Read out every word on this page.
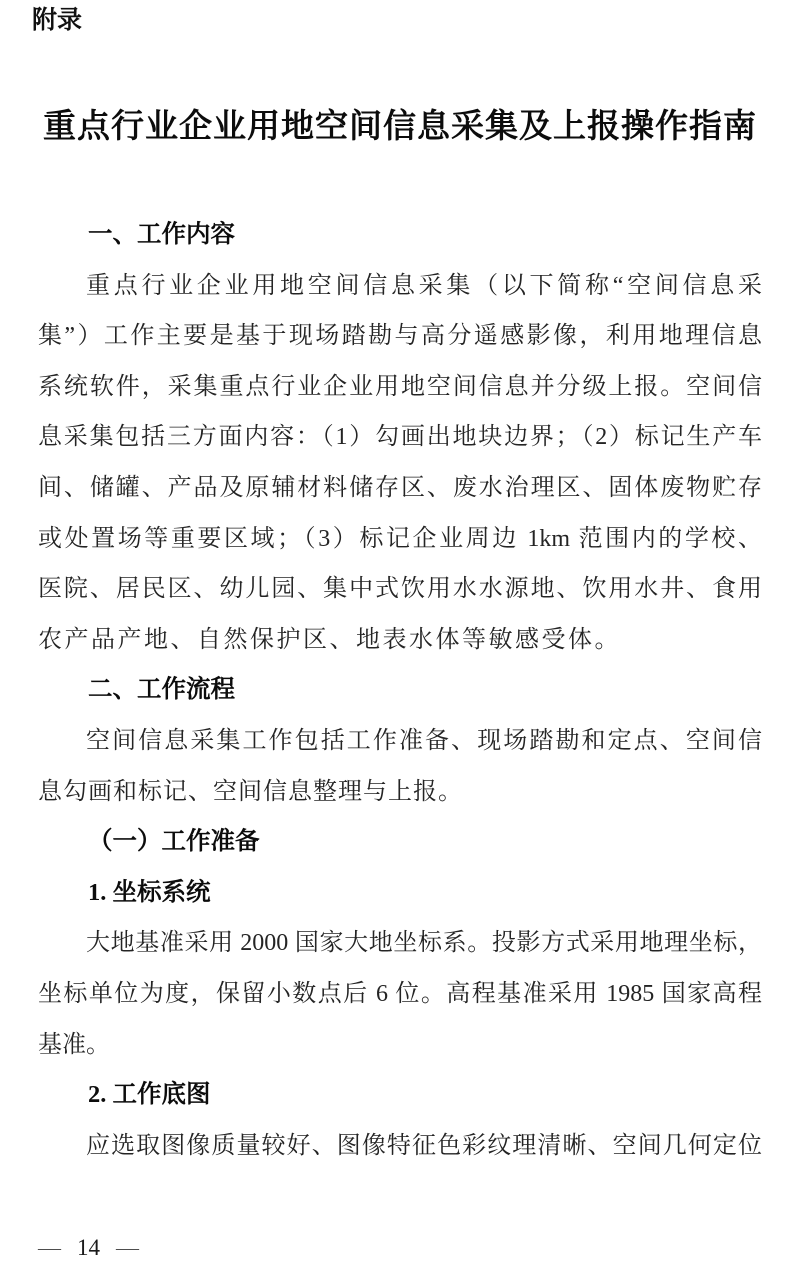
附录
重点行业企业用地空间信息采集及上报操作指南
一、工作内容
重点行业企业用地空间信息采集（以下简称“空间信息采
集”）工作主要是基于现场踏勘与高分遥感影像，利用地理信息
系统软件，采集重点行业企业用地空间信息并分级上报。空间信
息采集包括三方面内容：（1）勾画出地块边界；（2）标记生产车
间、储罐、产品及原辅材料储存区、废水治理区、固体废物贮存
或处置场等重要区域；（3）标记企业周边 1km 范围内的学校、
医院、居民区、幼儿园、集中式饮用水水源地、饮用水井、食用
农产品产地、自然保护区、地表水体等敏感受体。
二、工作流程
空间信息采集工作包括工作准备、现场踏勘和定点、空间信
息勾画和标记、空间信息整理与上报。
（一）工作准备
1. 坐标系统
大地基准采用 2000 国家大地坐标系。投影方式采用地理坐标，
坐标单位为度，保留小数点后 6 位。高程基准采用 1985 国家高程
基准。
2. 工作底图
应选取图像质量较好、图像特征色彩纹理清晰、空间几何定位
— 14 —
